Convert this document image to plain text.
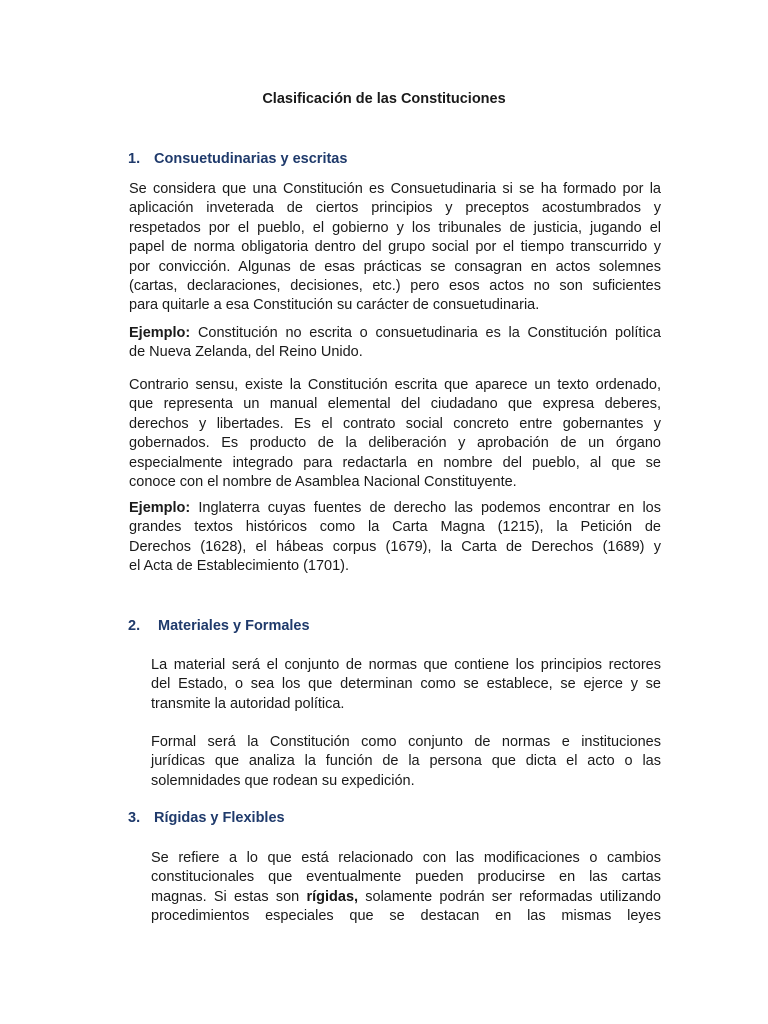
Clasificación de las Constituciones
1. Consuetudinarias y escritas
Se considera que una Constitución es Consuetudinaria si se ha formado por la
aplicación inveterada de ciertos principios y preceptos acostumbrados y
respetados por el pueblo, el gobierno y los tribunales de justicia, jugando el
papel de norma obligatoria dentro del grupo social por el tiempo transcurrido y
por convicción. Algunas de esas prácticas se consagran en actos solemnes
(cartas, declaraciones, decisiones, etc.) pero esos actos no son suficientes
para quitarle a esa Constitución su carácter de consuetudinaria.
Ejemplo: Constitución no escrita o consuetudinaria es la Constitución política
de Nueva Zelanda, del Reino Unido.
Contrario sensu, existe la Constitución escrita que aparece un texto ordenado,
que representa un manual elemental del ciudadano que expresa deberes,
derechos y libertades. Es el contrato social concreto entre gobernantes y
gobernados. Es producto de la deliberación y aprobación de un órgano
especialmente integrado para redactarla en nombre del pueblo, al que se
conoce con el nombre de Asamblea Nacional Constituyente.
Ejemplo: Inglaterra cuyas fuentes de derecho las podemos encontrar en los
grandes textos históricos como la Carta Magna (1215), la Petición de
Derechos (1628), el hábeas corpus (1679), la Carta de Derechos (1689) y
el Acta de Establecimiento (1701).
2. Materiales y Formales
La material será el conjunto de normas que contiene los principios rectores
del Estado, o sea los que determinan como se establece, se ejerce y se
transmite la autoridad política.
Formal será la Constitución como conjunto de normas e instituciones
jurídicas que analiza la función de la persona que dicta el acto o las
solemnidades que rodean su expedición.
3. Rígidas y Flexibles
Se refiere a lo que está relacionado con las modificaciones o cambios
constitucionales que eventualmente pueden producirse en las cartas
magnas. Si estas son rígidas, solamente podrán ser reformadas utilizando
procedimientos especiales que se destacan en las mismas leyes
